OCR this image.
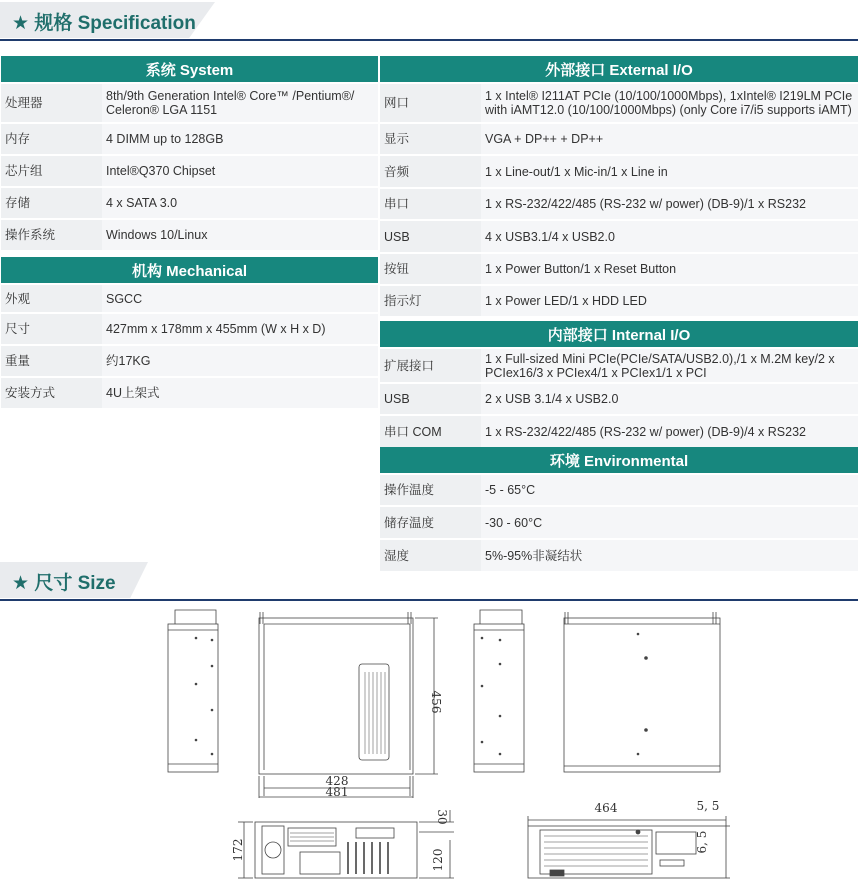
★ 规格 Specification
系统 System	
处理器	8th/9th Generation Intel® Core™ /Pentium®/ Celeron® LGA 1151
内存	4 DIMM up to 128GB
芯片组	Intel®Q370 Chipset
存储	4 x SATA 3.0
操作系统	Windows 10/Linux
机构 Mechanical	
外观	SGCC
尺寸	427mm x 178mm x 455mm (W x H x D)
重量	约17KG
安装方式	4U上架式
外部接口 External I/O	
网口	1 x Intel® I211AT PCIe (10/100/1000Mbps), 1xIntel® I219LM PCIe with iAMT12.0 (10/100/1000Mbps) (only Core i7/i5 supports iAMT)
显示	VGA + DP++ + DP++
音频	1 x Line-out/1 x Mic-in/1 x Line in
串口	1 x RS-232/422/485 (RS-232 w/ power) (DB-9)/1 x RS232
USB	4 x USB3.1/4 x USB2.0
按钮	1 x Power Button/1 x Reset Button
指示灯	1 x Power LED/1 x HDD LED
内部接口 Internal I/O	
扩展接口	1 x Full-sized Mini PCIe(PCIe/SATA/USB2.0),/1 x M.2M key/2 x PCIex16/3 x PCIex4/1 x PCIex1/1 x PCI
USB	2 x USB 3.1/4 x USB2.0
串口 COM	1 x RS-232/422/485 (RS-232 w/ power) (DB-9)/4 x RS232
环境 Environmental	
操作温度	-5 - 65°C
储存温度	-30 - 60°C
湿度	5%-95%非凝结状
★ 尺寸 Size
456
428
481
172
30
120
464	5, 5
6, 5
